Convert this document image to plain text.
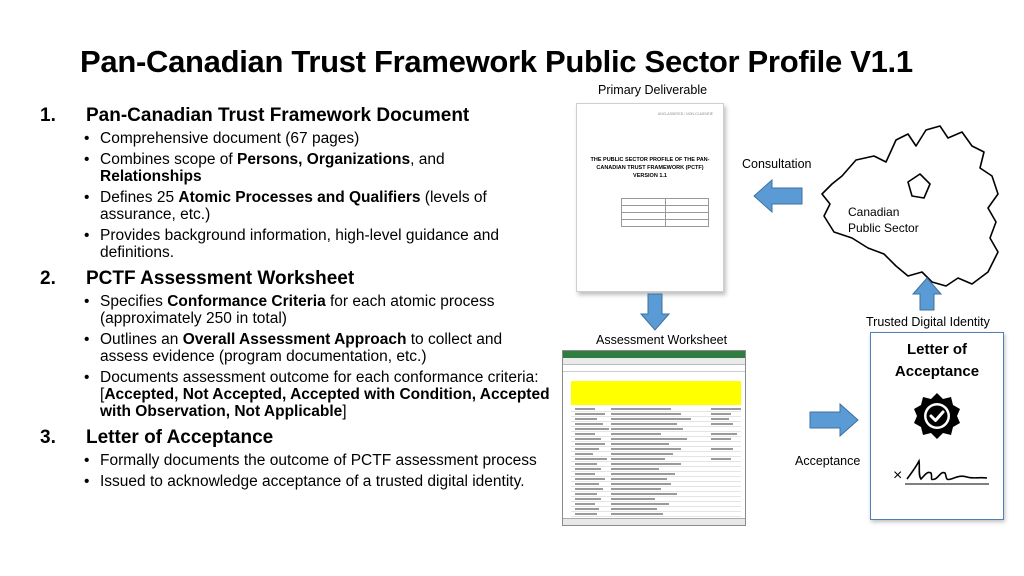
Pan-Canadian Trust Framework Public Sector Profile V1.1
1.	Pan-Canadian Trust Framework Document
• Comprehensive document (67 pages)
• Combines scope of Persons, Organizations, and Relationships
• Defines 25 Atomic Processes and Qualifiers (levels of assurance, etc.)
• Provides background information, high-level guidance and definitions.
2.	PCTF Assessment Worksheet
• Specifies Conformance Criteria for each atomic process (approximately 250 in total)
• Outlines an Overall Assessment Approach to collect and assess evidence (program documentation, etc.)
• Documents assessment outcome for each conformance criteria: [Accepted, Not Accepted, Accepted with Condition, Accepted with Observation, Not Applicable]
3.	Letter of Acceptance
• Formally documents the outcome of PCTF assessment process
• Issued to acknowledge acceptance of a trusted digital identity.
Primary Deliverable
UNCLASSIFIED / NON-CLASSIFIÉ
THE PUBLIC SECTOR PROFILE OF THE PAN-CANADIAN TRUST FRAMEWORK (PCTF) VERSION 1.1

Canadian Public Sector
Consultation
Assessment Worksheet
Acceptance
Trusted Digital Identity
Letter of Acceptance
×
